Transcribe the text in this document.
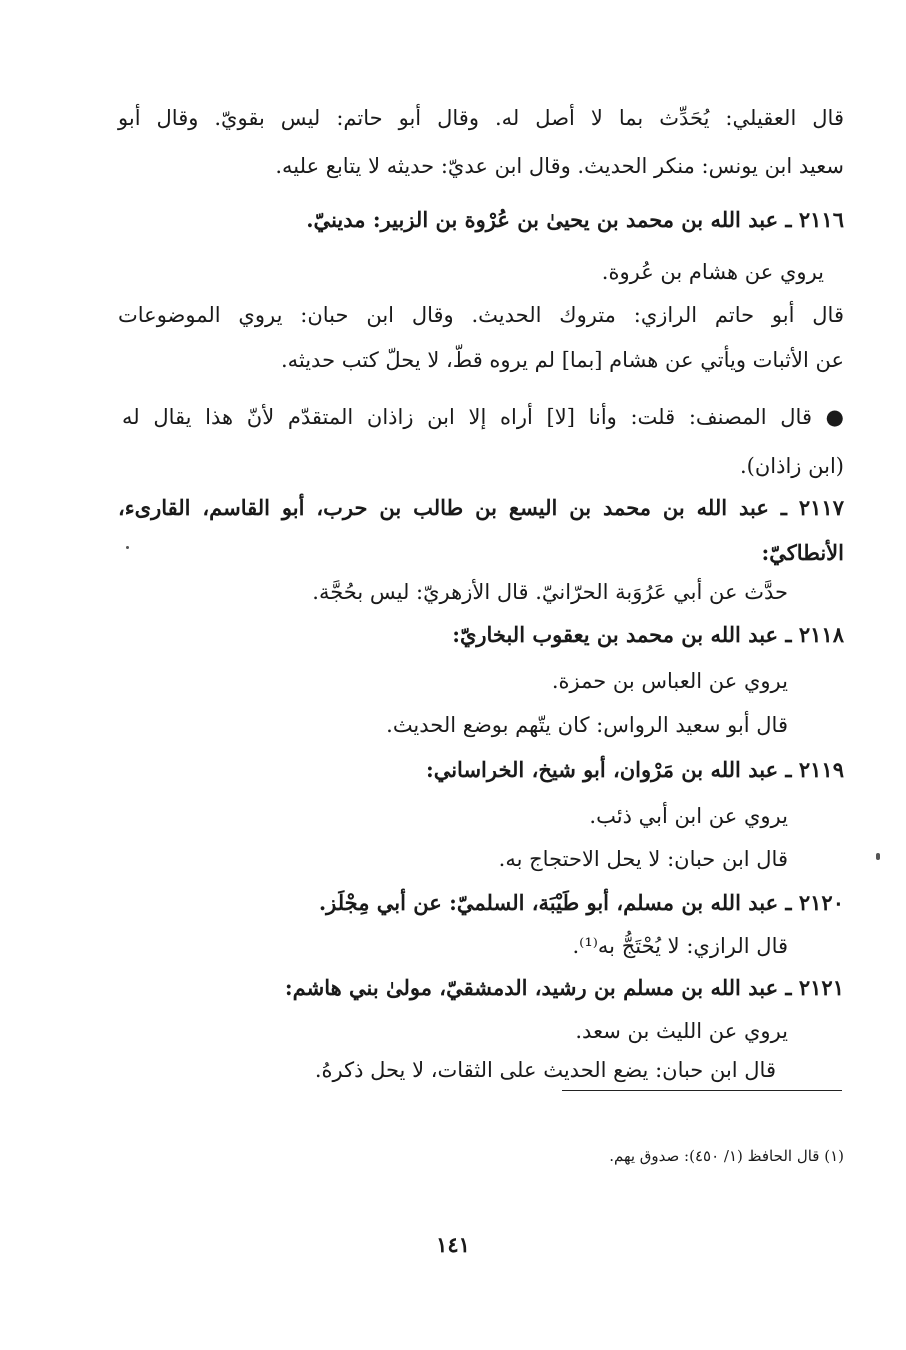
قال العقيلي: يُحَدِّث بما لا أصل له. وقال أبو حاتم: ليس بقويّ. وقال أبو
سعيد ابن يونس: منكر الحديث. وقال ابن عديّ: حديثه لا يتابع عليه.
٢١١٦ ـ عبد الله بن محمد بن يحيىٰ بن عُرْوة بن الزبير: مدينيّ.
يروي عن هشام بن عُروة.
قال أبو حاتم الرازي: متروك الحديث. وقال ابن حبان: يروي الموضوعات
عن الأثبات ويأتي عن هشام [بما] لم يروه قطّ، لا يحلّ كتب حديثه.
● قال المصنف: قلت: وأنا [لا] أراه إلا ابن زاذان المتقدّم لأنّ هذا يقال له
(ابن زاذان).
٢١١٧ ـ عبد الله بن محمد بن اليسع بن طالب بن حرب، أبو القاسم، القارىء،
الأنطاكيّ:
حدَّث عن أبي عَرُوَبة الحرّانيّ. قال الأزهريّ: ليس بحُجَّة.
٢١١٨ ـ عبد الله بن محمد بن يعقوب البخاريّ:
يروي عن العباس بن حمزة.
قال أبو سعيد الرواس: كان يتّهم بوضع الحديث.
٢١١٩ ـ عبد الله بن مَرْوان، أبو شيخ، الخراساني:
يروي عن ابن أبي ذئب.
قال ابن حبان: لا يحل الاحتجاج به.
٢١٢٠ ـ عبد الله بن مسلم، أبو طَيْبَة، السلميّ: عن أبي مِجْلَز.
قال الرازي: لا يُحْتَجُّ به⁽¹⁾.
٢١٢١ ـ عبد الله بن مسلم بن رشيد، الدمشقيّ، مولىٰ بني هاشم:
يروي عن الليث بن سعد.
قال ابن حبان: يضع الحديث على الثقات، لا يحل ذكرهُ.
(١) قال الحافظ (١/ ٤٥٠): صدوق يهم.
١٤١
